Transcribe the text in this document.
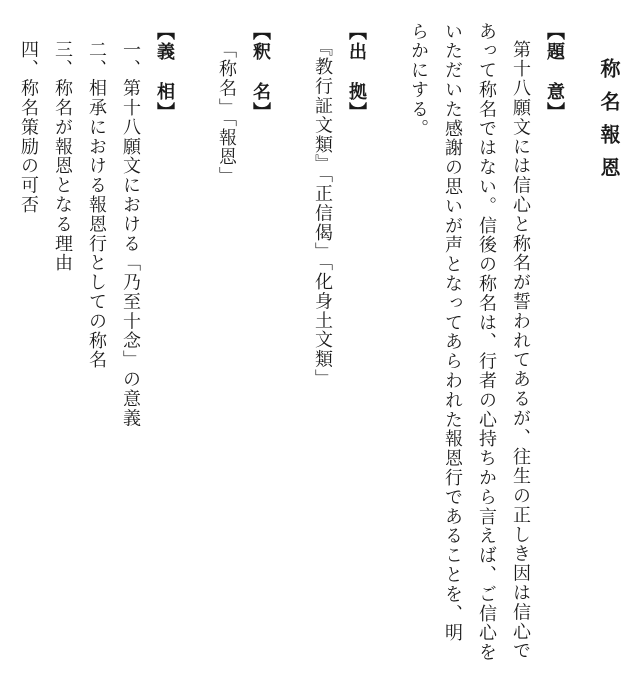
称名報恩
【題　意】
第十八願文には信心と称名が誓われてあるが、往生の正しき因は信心で
あって称名ではない。信後の称名は、行者の心持ちから言えば、ご信心を
いただいた感謝の思いが声となってあらわれた報恩行であることを、明
らかにする。
【出　拠】
『教行証文類』「正信偈」「化身土文類」
【釈　名】
「称名」「報恩」
【義　相】
一、第十八願文における「乃至十念」の意義
二、相承における報恩行としての称名
三、称名が報恩となる理由
四、称名策励の可否
